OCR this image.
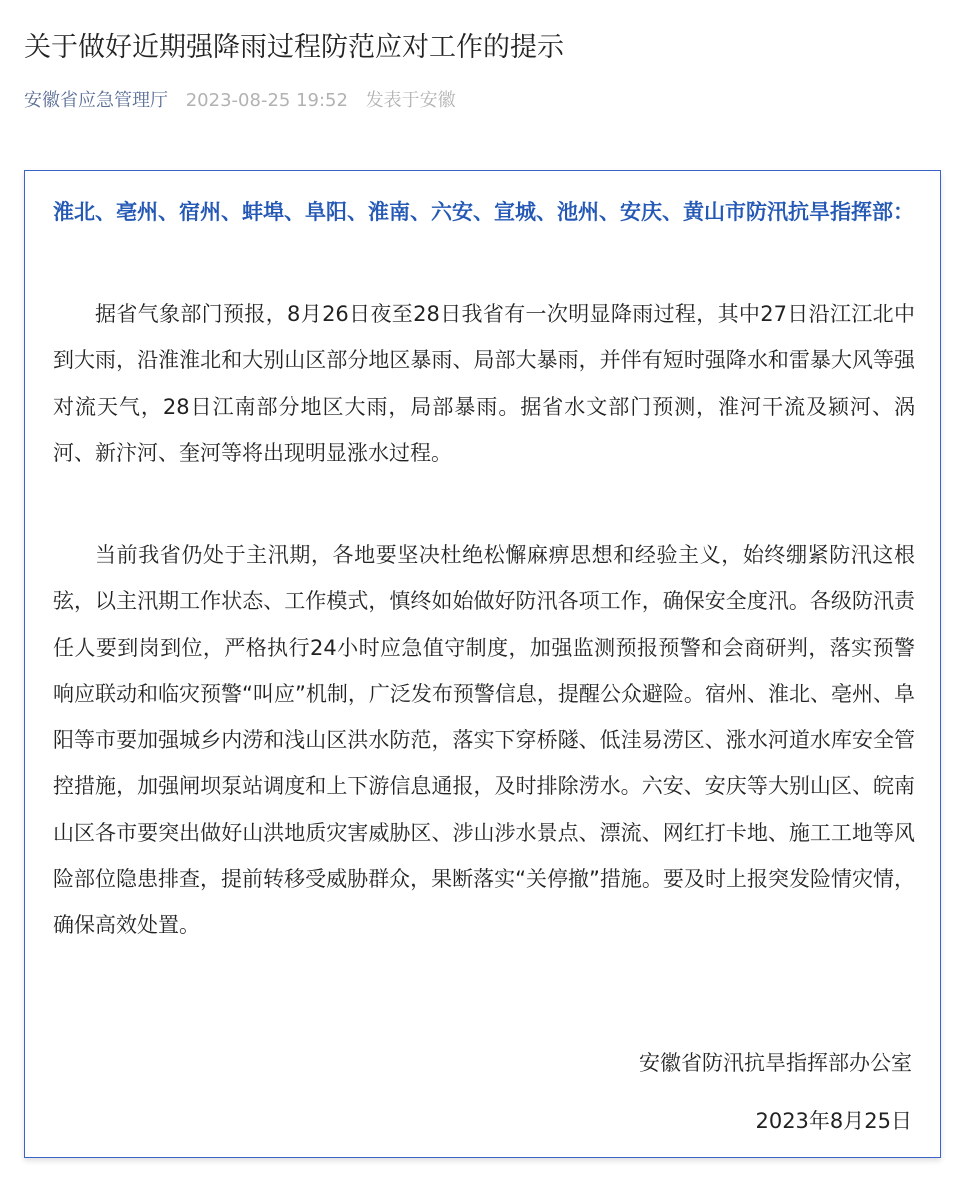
关于做好近期强降雨过程防范应对工作的提示
安徽省应急管理厅 2023-08-25 19:52 发表于安徽

淮北、亳州、宿州、蚌埠、阜阳、淮南、六安、宣城、池州、安庆、黄山市防汛抗旱指挥部：

据省气象部门预报，8月26日夜至28日我省有一次明显降雨过程，其中27日沿江江北中到大雨，沿淮淮北和大别山区部分地区暴雨、局部大暴雨，并伴有短时强降水和雷暴大风等强对流天气，28日江南部分地区大雨，局部暴雨。据省水文部门预测，淮河干流及颍河、涡河、新汴河、奎河等将出现明显涨水过程。

当前我省仍处于主汛期，各地要坚决杜绝松懈麻痹思想和经验主义，始终绷紧防汛这根弦，以主汛期工作状态、工作模式，慎终如始做好防汛各项工作，确保安全度汛。各级防汛责任人要到岗到位，严格执行24小时应急值守制度，加强监测预报预警和会商研判，落实预警响应联动和临灾预警“叫应”机制，广泛发布预警信息，提醒公众避险。宿州、淮北、亳州、阜阳等市要加强城乡内涝和浅山区洪水防范，落实下穿桥隧、低洼易涝区、涨水河道水库安全管控措施，加强闸坝泵站调度和上下游信息通报，及时排除涝水。六安、安庆等大别山区、皖南山区各市要突出做好山洪地质灾害威胁区、涉山涉水景点、漂流、网红打卡地、施工工地等风险部位隐患排查，提前转移受威胁群众，果断落实“关停撤”措施。要及时上报突发险情灾情，确保高效处置。

安徽省防汛抗旱指挥部办公室

2023年8月25日
